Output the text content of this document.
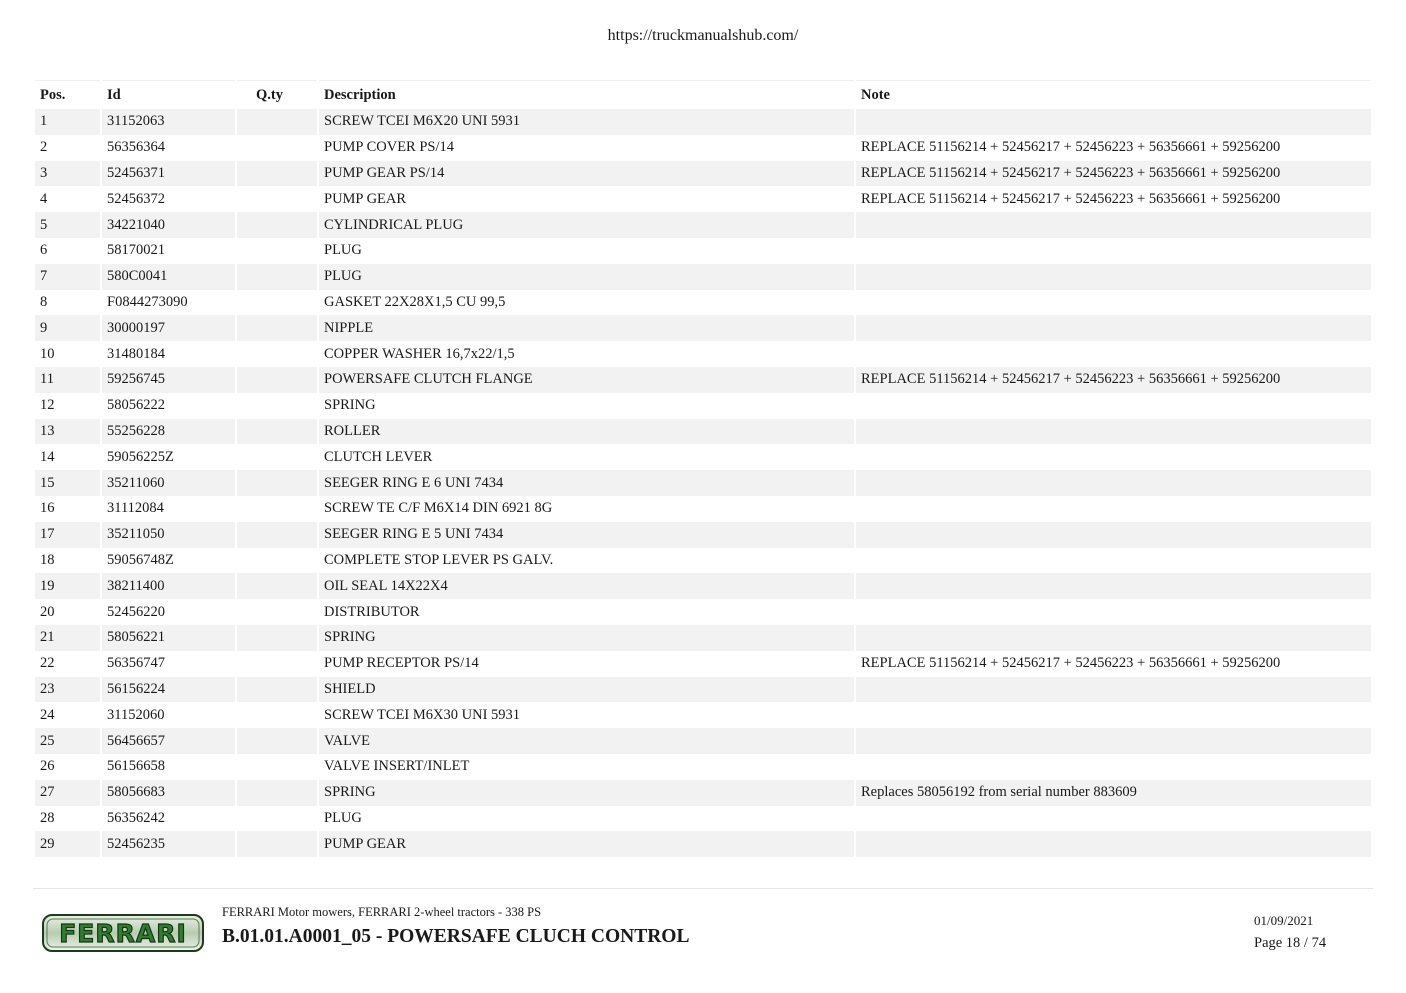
https://truckmanualshub.com/
Pos.	Id	Q.ty	Description	Note
1	31152063		SCREW TCEI M6X20 UNI 5931	
2	56356364		PUMP COVER PS/14	REPLACE 51156214 + 52456217 + 52456223 + 56356661 + 59256200
3	52456371		PUMP GEAR PS/14	REPLACE 51156214 + 52456217 + 52456223 + 56356661 + 59256200
4	52456372		PUMP GEAR	REPLACE 51156214 + 52456217 + 52456223 + 56356661 + 59256200
5	34221040		CYLINDRICAL PLUG	
6	58170021		PLUG	
7	580C0041		PLUG	
8	F0844273090		GASKET 22X28X1,5 CU 99,5	
9	30000197		NIPPLE	
10	31480184		COPPER WASHER 16,7x22/1,5	
11	59256745		POWERSAFE CLUTCH FLANGE	REPLACE 51156214 + 52456217 + 52456223 + 56356661 + 59256200
12	58056222		SPRING	
13	55256228		ROLLER	
14	59056225Z		CLUTCH LEVER	
15	35211060		SEEGER RING E 6 UNI 7434	
16	31112084		SCREW TE C/F M6X14 DIN 6921 8G	
17	35211050		SEEGER RING E 5 UNI 7434	
18	59056748Z		COMPLETE STOP LEVER PS GALV.	
19	38211400		OIL SEAL 14X22X4	
20	52456220		DISTRIBUTOR	
21	58056221		SPRING	
22	56356747		PUMP RECEPTOR PS/14	REPLACE 51156214 + 52456217 + 52456223 + 56356661 + 59256200
23	56156224		SHIELD	
24	31152060		SCREW TCEI M6X30 UNI 5931	
25	56456657		VALVE	
26	56156658		VALVE INSERT/INLET	
27	58056683		SPRING	Replaces 58056192 from serial number 883609
28	56356242		PLUG	
29	52456235		PUMP GEAR	
FERRARI
FERRARI Motor mowers, FERRARI 2-wheel tractors - 338 PS
B.01.01.A0001_05 - POWERSAFE CLUCH CONTROL
01/09/2021
Page 18 / 74
